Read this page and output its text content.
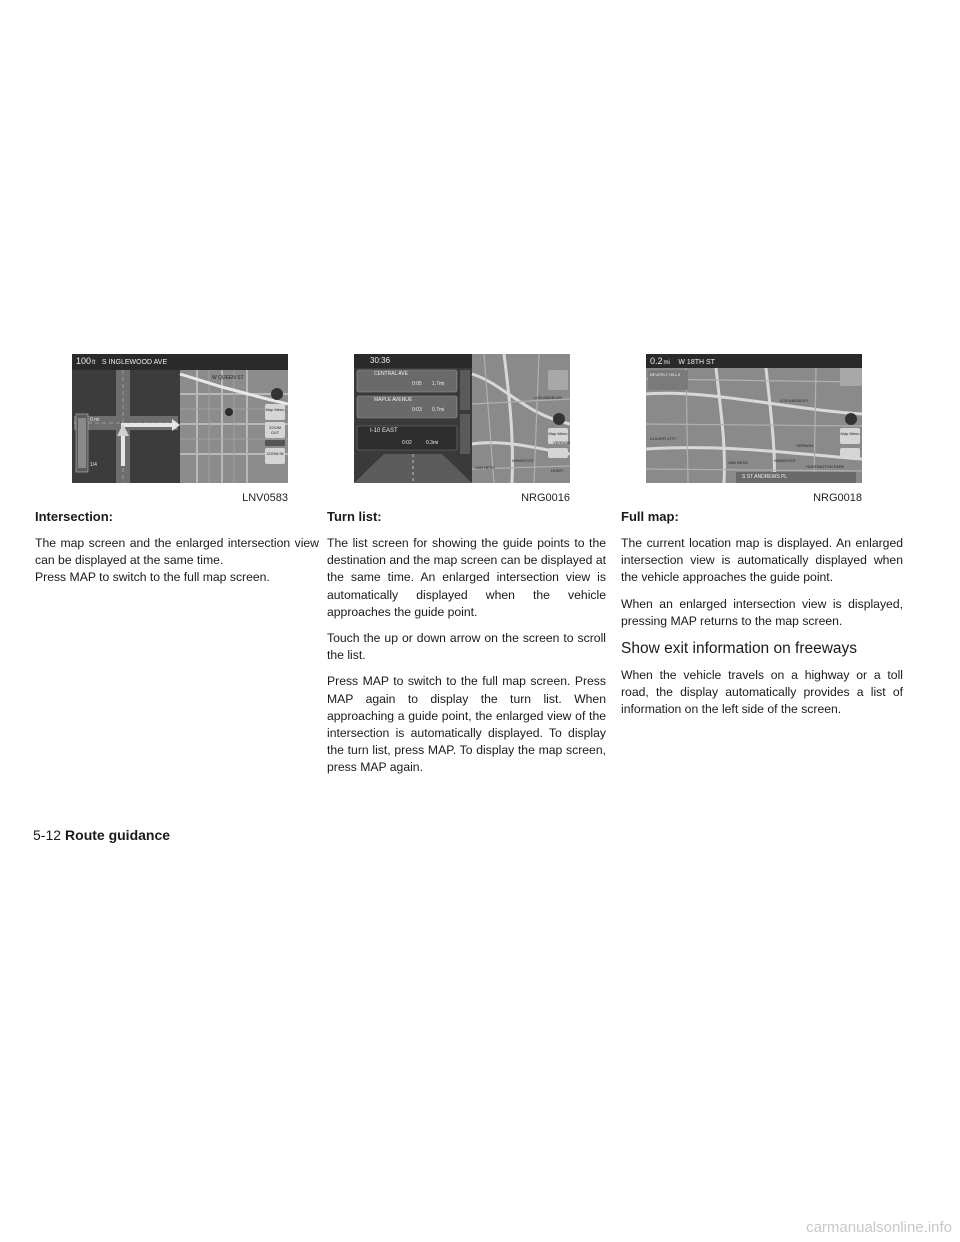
100ft S INGLEWOOD AVE
W QUEEN ST
0 mi
1/4
Map Menu
ZOOM OUT
ZOOM IN
LNV0583
30:36
CENTRAL AVE
0:05 1.7mi
MAPLE AVENUE
0:03 0.7mi
I-10 EAST
0:02	0.3mi
LOS ANGELES
VERNON
VAN NESS
WINGFOOT
HUNTI
Map Menu
NRG0016
0.2mi W 18TH ST
HAPPY VALLEY
BEVERLY HILLS
LOS ANGELES
CULVER CITY
VERNON
VAN NESS	WINGFOOT
HUNTINGTON PARK
S ST ANDREWS PL
Map Menu
NRG0018
Intersection:

The map screen and the enlarged intersection view can be displayed at the same time.

Press MAP to switch to the full map screen.

Turn list:

The list screen for showing the guide points to the destination and the map screen can be displayed at the same time. An enlarged intersection view is automatically displayed when the vehicle approaches the guide point.

Touch the up or down arrow on the screen to scroll the list.

Press MAP to switch to the full map screen. Press MAP again to display the turn list. When approaching a guide point, the enlarged view of the intersection is automatically displayed. To display the turn list, press MAP. To display the map screen, press MAP again.

Full map:

The current location map is displayed. An enlarged intersection view is automatically displayed when the vehicle approaches the guide point.

When an enlarged intersection view is displayed, pressing MAP returns to the map screen.

Show exit information on freeways

When the vehicle travels on a highway or a toll road, the display automatically provides a list of information on the left side of the screen.

5-12 Route guidance
carmanualsonline.info
